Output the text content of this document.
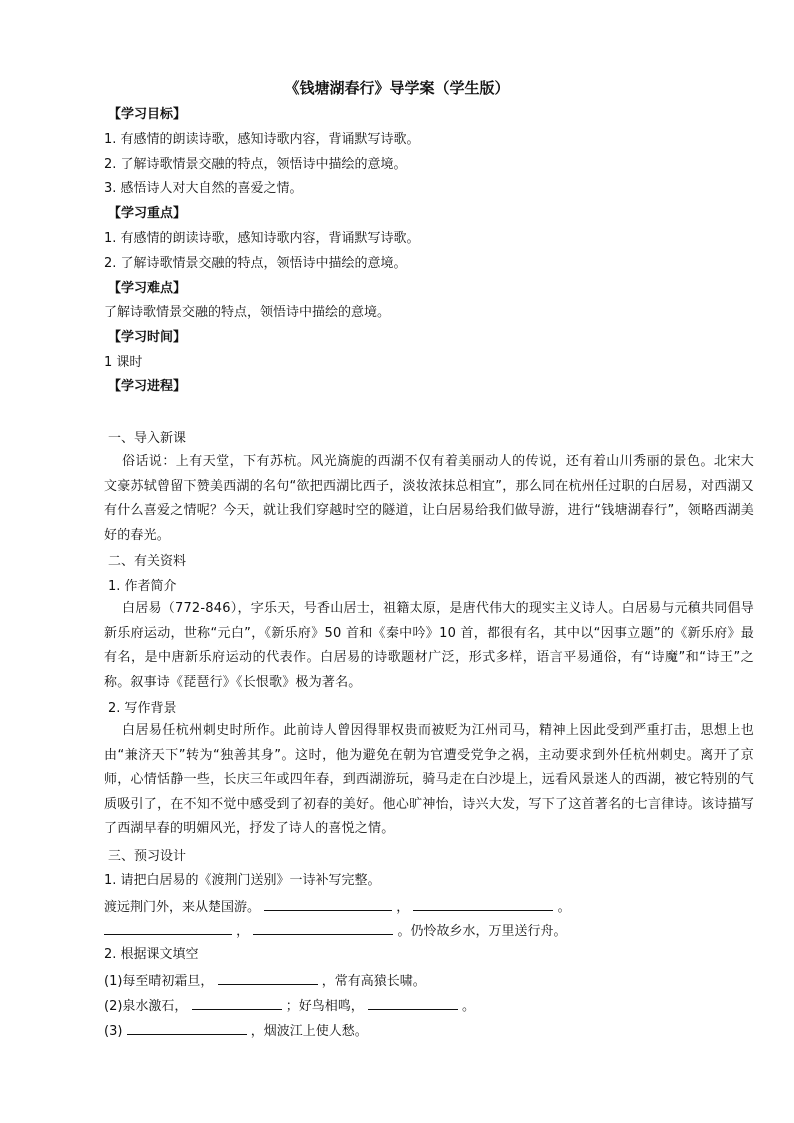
《钱塘湖春行》导学案（学生版）
【学习目标】
1. 有感情的朗读诗歌，感知诗歌内容，背诵默写诗歌。
2. 了解诗歌情景交融的特点，领悟诗中描绘的意境。
3. 感悟诗人对大自然的喜爱之情。
【学习重点】
1. 有感情的朗读诗歌，感知诗歌内容，背诵默写诗歌。
2. 了解诗歌情景交融的特点，领悟诗中描绘的意境。
【学习难点】
了解诗歌情景交融的特点，领悟诗中描绘的意境。
【学习时间】
1 课时
【学习进程】
一、导入新课
俗话说：上有天堂，下有苏杭。风光旖旎的西湖不仅有着美丽动人的传说，还有着山川秀丽的景色。北宋大文豪苏轼曾留下赞美西湖的名句“欲把西湖比西子，淡妆浓抹总相宜”，那么同在杭州任过职的白居易，对西湖又有什么喜爱之情呢？今天，就让我们穿越时空的隧道，让白居易给我们做导游，进行“钱塘湖春行”，领略西湖美好的春光。
二、有关资料
1. 作者简介
白居易（772-846），字乐天，号香山居士，祖籍太原，是唐代伟大的现实主义诗人。白居易与元稹共同倡导新乐府运动，世称“元白”，《新乐府》50 首和《秦中吟》10 首，都很有名，其中以“因事立题”的《新乐府》最有名，是中唐新乐府运动的代表作。白居易的诗歌题材广泛，形式多样，语言平易通俗，有“诗魔”和“诗王”之称。叙事诗《琵琶行》《长恨歌》极为著名。
2. 写作背景
白居易任杭州刺史时所作。此前诗人曾因得罪权贵而被贬为江州司马，精神上因此受到严重打击，思想上也由“兼济天下”转为“独善其身”。这时，他为避免在朝为官遭受党争之祸，主动要求到外任杭州刺史。离开了京师，心情恬静一些，长庆三年或四年春，到西湖游玩，骑马走在白沙堤上，远看风景迷人的西湖，被它特别的气质吸引了，在不知不觉中感受到了初春的美好。他心旷神怡，诗兴大发，写下了这首著名的七言律诗。该诗描写了西湖早春的明媚风光，抒发了诗人的喜悦之情。
三、预习设计
1. 请把白居易的《渡荆门送别》一诗补写完整。
渡远荆门外，来从楚国游。	，	。
，	。仍怜故乡水，万里送行舟。
2. 根据课文填空
(1)每至晴初霜旦，	，常有高猿长啸。
(2)泉水激石，	；好鸟相鸣，	。
(3)	，烟波江上使人愁。
